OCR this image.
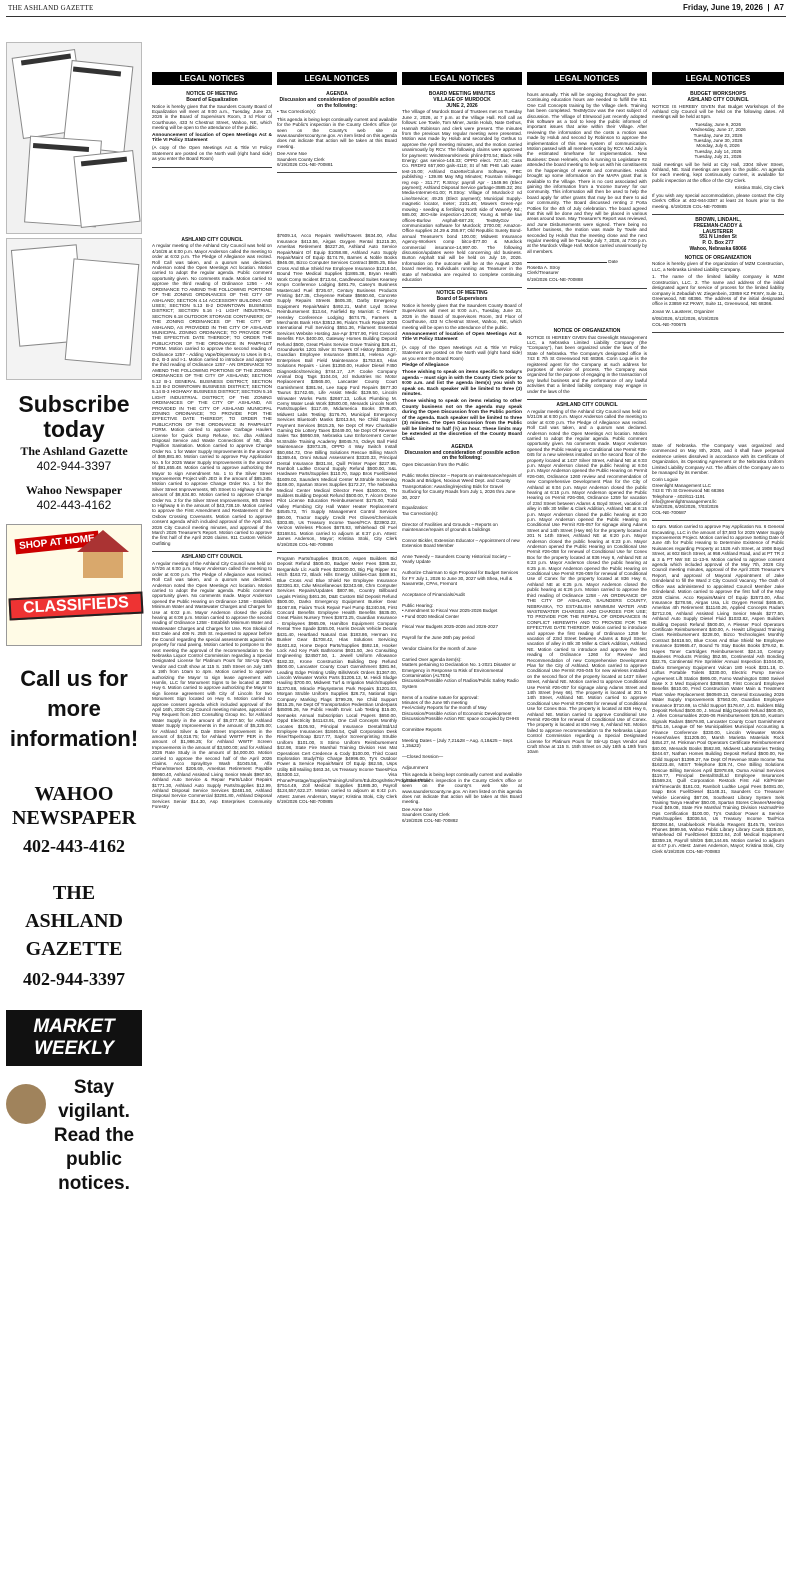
THE ASHLAND GAZETTE	Friday, June 19, 2026  |  A7
Subscribe today
The Ashland Gazette
402-944-3397
Wahoo Newspaper
402-443-4162
SHOP AT HOME
CLASSIFIEDS
Call us for more information!
WAHOO NEWSPAPER
402-443-4162
THE ASHLAND GAZETTE
402-944-3397
MARKET WEEKLY
Stay vigilant. Read the public notices.
LEGAL NOTICES	LEGAL NOTICES	LEGAL NOTICES	LEGAL NOTICES	LEGAL NOTICES
NOTICE OF MEETING
Board of Equalization

Notice is hereby given that the Saunders County Board of Equalization will meet at 9:00 a.m., Tuesday, June 23, 2026 in the Board of Supervisors Room, 3 rd Floor of Courthouse, 433 N Chestnut Street, Wahoo, NE, which meeting will be open to the attendance of the public.

Announcement of location of Open Meetings Act & Title VI Policy Statement

(A copy of the Open Meetings Act & Title VI Policy Statement are posted on the North wall (right hand side) as you enter the Board Room)

ASHLAND CITY COUNCIL

A regular meeting of the Ashland City Council was held on 4/16/26 at 6:00 p.m. Mayor Anderson called the meeting to order at 6:02 p.m. The Pledge of Allegiance was recited. Roll Call was taken, and a quorum was declared. Anderson noted the Open Meetings Act location. Motion carried to adopt the regular agenda. Public comment opportunity given. No comments made. Motion carried to approve the third reading of Ordinance 1256 - AN ORDINANCE TO AMEND THE FOLLOWING PORTIONS OF THE ZONING ORDINANCES OF THE CITY OF ASHLAND; SECTION 4.14 ACCESSORY BUILDING AND USES; SECTION 5.13 B-2 DOWNTOWN BUSINESS DISTRICT; SECTION 5.16 I-1 LIGHT INDUSTRIAL; SECTION 6.18 OUTDOOR STORAGE CONTAINERS; OF THE ZONING ORDINANCES OF THE CITY OF ASHLAND, AS PROVIDED IN THE CITY OF ASHLAND MUNICIPAL ZONING ORDINANCE; TO PROVIDE FOR THE EFFECTIVE DATE THEREOF; TO ORDER THE PUBLICATION OF THE ORDINANCE IN PAMPHLET FORM. Motion carried to approve the second reading of Ordinance 1257 - Adding Vape/Dispensary to Uses in B-1, B-2, B-3 and I-1. Motion carried to introduce and approve the third reading of Ordinance 1257 - AN ORDINANCE TO AMEND THE FOLLOWING PORTIONS OF THE ZONING ORDINANCES OF THE CITY OF ASHLAND; SECTION 5.12 B-1 GENERAL BUSINESS DISTRICT; SECTION 5.13 B-2 DOWNTOWN BUSINESS DISTRICT; SECTION 5.14 B-3 HIGHWAY BUSINESS DISTRICT; SECTION 5.16 LIGHT INDUSTRIAL DISTRICT; OF THE ZONING ORDINANCES OF THE CITY OF ASHLAND, AS PROVIDED IN THE CITY OF ASHLAND MUNICIPAL ZONING ORDINANCE; TO PROVIDE FOR THE EFFECTIVE DATE THEREOF; TO ORDER THE PUBLICATION OF THE ORDINANCE IN PAMPHLET FORM. Motion carried to approve Garbage Haulers License for Quick Dump Refuse, Inc. dba Ashland Disposal Service and Waste Connections of NE, dba Papillion Sanitation. Motion carried to approve Change Order No. 1 for Water Supply Improvements in the amount of $69,881.80. Motion carried to approve Pay Application No. 5 for 2025 Water Supply Improvements in the amount of $91,655.48. Motion carried to approve authorizing the Mayor to sign Amendment No. 1 to the Silver Street Improvements Project with JEO in the amount of $85,345. Motion carried to approve Change Order No. 1 for the Silver Street Improvements, 9th Street to Highway 6 in the amount of $8,634.80. Motion carried to approve Change Order No. 2 for the Silver Street Improvements, 9th Street to Highway 6 in the amount of $43,738.19. Motion carried to approve the First Amendment and Restatement of the Oxbow Crossing Covenants. Motion carried to approve consent agenda which included approval of the April 2nd, 2026 City Council meeting minutes, and approval of the March 2026 Treasurer's Report. Motion carried to approve the first half of the April 2026 claims. 911 Custom Vehicle Outfitting

ASHLAND CITY COUNCIL

A regular meeting of the Ashland City Council was held on 5/7/26 at 6:00 p.m. Mayor Anderson called the meeting to order at 6:00 p.m. The Pledge of Allegiance was recited. Roll Call was taken, and a quorum was declared. Anderson noted the Open Meetings Act location. Motion carried to adopt the regular agenda. Public comment opportunity given. No comments made. Mayor Anderson opened the Public Hearing on Ordinance 1258 - Establish Minimum Water and Wastewater Charges and Charges for Use at 6:02 p.m. Mayor Anderson closed the public hearing at 6:08 p.m. Motion carried to approve the second reading of Ordinance 1258 - Establish Minimum Water and Wastewater Charges and Charges for Use. Ron Skokal of 843 Dale and 409 N. 25th St. requested to appear before the Council regarding the special assessments against his property for road paving. Motion carried to postpone to the next meeting the approval of the recommendation to the Nebraska Liquor Control Commission regarding a Special Designated License for Platinum Pours for Stir-Up Days Vendor and Craft show at 115 S. 15th Street on July 18th & 19th from 10am to 4pm. Motion carried to approve authorizing the Mayor to sign lease agreement with Hamlin, LLC for Monument Signs to be located at 2860 Hwy 6. Motion carried to approve authorizing the Mayor to sign license agreement with City of Lincoln for two Monument Sign located on Hwy 6. Motion carried to approve consent agenda which included approval of the April 16th, 2026 City Council meeting minutes, approval of Pay Request from JEO Consulting Group Inc. for Ashland Water Supply in the amount of $5,077.50; for Ashland Water Supply Improvements in the amount of $5,325.00; for Ashland Silver & Dale Street Improvement in the amount of $4,018.75; for Ashland WWTF PER in the amount of $1,986.25; for Ashland WWTF Screen Improvements in the amount of $3,500.00; and for Ashland 2026 Rate Study in the amount of $4,000.00. Motion carried to approve the second half of the April 2026 Claims. Acco Spray/Eye Wash $1045.58, Alfa Phone/Internet $206.69, Ameritas Retirement Payable $6960.40, Ashland Assisted Living Senior Meals $967.50, Ashland Auto Service & Repair Parts/Labor Repairs $1771.30, Ashland Auto Supply Parts/Supplies $12.99, Ashland Disposal Service Services $2481.50, Ashland Disposal Service Commercial $3281.80, Ashland Disposal Services Senior $14.30, Asp Enterprises Community Forestry

AGENDA
Discussion and consideration of possible action on the following:

• Tax Correction(s):

This agenda is being kept continually current and available for the Public's inspection in the County Clerk's office (or seen on the County's web site at www.saunderscounty.ne.gov. An item listed on this agenda does not indicate that action will be taken at this Board meeting.

Dee Anne Noe
Saunders County Clerk
6/19/2026 COL-NE-700881

$7609.14, Acco Repairs Wells/Towers $634.00, Aflac Insurance $413.56, Airgas Oxygen Rental $1215.30, Ameritas Retirement $6227.26, Ashland Auto Service Repair/Maint Of Equip $1058.88, Ashland Auto Supply Repair/Maint Of Equip $174.76, Barnes & Noble Books $946.08, Bizco Computer Services Contract $805.25, Blue Cross And Blue Shield Ne Employee Insurance $1218.04, Bound Tree Medical Supplies $1865.38, Bryan Health Work Comp Incident $713.64, Candlewood Suites Kearney Kmpn Conference Lodging $491.79, Casey's Business Mastercard Fuel $726.67, Century Business Products Printing $47.35, Cheyenne Rebate $5650.60, Concrete Supply Repairs Streets $605.30, Darby Emergency Equipment Repair/Maint $492.21, Mahrt Loyd Screw Reimbursement $13.64, Fairfield By Marriott C Fries/T Hensley Conference Lodging $674.75, Farmers & Merchants Bank HSA $3512.96, Fiala's Truck Repair 2026 International Full Servicing $551.36, Filament Essential Services Website Hosting Jan-Apr $767.90, First Concord Benefits FSA $400.00, Gateway Homes Building Deposit Refund $500, Great Plains Service Grave Training $26.41, Groundworks 1201 Silver St Towers Of History $5360.37, Guardian Employee Insurance $598.18, Helena Agri-Enterprises Ball Field Maintenance $1753.63, Hlas Solutions Repairs - Lines $1350.00, Husker Diesel F450 Diagnostics/Servicing $744.17, J.P. Cooke Company Animal Dog Tags $104.04, Jcl Industries Inc Motor Replacement $3565.00, Lancaster County Court Garnishment $381.94, Lee Sapp Ford Repairs $677.30 Taurus $1742.65, Life Assist Medic $139.50, Lincoln Winwater Works Parts $2667.13, Lofius Plumbing M. Cerny Water Leak Work $3500.00, Menards Lincoln North Parts/Supplies $117.49, Midamerica Books $789.40, Midwest Labs Testing $176.70, Municipal Emergency Services Bluetooth Masks $2013.94, Ne Child Support Payment Services $615.25, Ne Dept Of Rev Charitable Gaming Div Lottery Taxes $3449.00, Ne Dept Of Revenue Sales Tax $6950.59, Nebraska Law Enforcement Center M.Struble Training Academy $8045.74, Odeys Ball Field Maintenance $3973.25, OPPD 4 Way Switch Install $50,654.72, One Billing Solutions Rescue Billing March $1369.46, Omni Mutual Assessment $3320.33, Principal Dental Insurance $831.84, Quill Printer Paper $227.95, Rambolt Ludtke Ground Supply Refund $500.00, S&L Hardware Parts/Supplies $110.70, Sapp Bros Fuel/Diesel $1609.02, Saunders Medical Center M.Struble Screening $169.00, Spartan Stores Supplies $172.27, The Nebraska Medical Center Medical Director Fees $1500.00, TN Builders Building Deposit Refund $500.00, T. Alcorn Drone Pilot License Education Reimbursement $175.00, Todd Valley Plumbing City Hall Water Heater Replacement $4545.72, Tri Supply Management Control Services $90.00, Tractor Supply Credit Pet Gloves/Chemicals $303.85, Us Treasury Income Taxes/FICA $23902.22, Verizon Wireless Phones $678.93, Whitehead Oil Fuel $3168.51. Motion carried to adjourn at 6:37 p.m. Attest: James Anderson, Mayor; Kristina Stoki, City Clerk 6/19/2026 COL-NE-700886

Program Parts/Supplies $918.00, Aspen Builders Bid Deposit Refund $500.00, Badger Meter Fees $385.32, Bergankdv Llc Audit Fees $22000.00, Big Pig Ripper Inc Hitch $163.72, Black Hills Energy Utilities-Gas $489.91, Blue Cross And Blue Shield Ne Employee Insurance $23361.83, Cdw Miscellaneous $2343.68, Chm Computer Services Repairs/Updates $807.96, Country Billboard Legals Printing $461.36, D&E Custom Bid Deposit Refund $500.00, Darko Emergency Equipment Bunker Gear $1067.88, Fiala's Truck Repair Fuel Pump $1240.56, First Concord Benefits Employee Health Benefits $635.00, Great Plains Nursery Trees $2673.25, Guardian Insurance - Employees $965.09, Hamilton Equipment Company Rental Tree Spade $265.00, Harris Decals Vehicle Decals $431.40, Heartland Natural Gas $183.86, Herman Inc Bunker Gear $1708.42, Hlas Solutions Servicing $1601.82, Home Depot Parts/Supplies $592.18, Hooker Lock And Key Park Bathrooms $931.50, Jeo Consulting Engineering $24507.50, 1. Jewell Uniform Allowance $182.33, Krone Construction Building Dep Refund $500.00, Lancaster County Court Garnishment $381.94, Leading Edge Printing Utility Bills/Work Orders $1367.00, Lincoln Winwater Works Parts $1206.13, M. Heidi Sludge Hauling $700.00, Midwest Turf & Irrigation Mulch/Supplies $1370.88, Miracle Playsystems Park Repairs $1201.03, Morgan Struble Uniform Supplies $26.73, National Sign Company Marking Flags $799.29, Ne Child Support $615.25, Ne Dept Of Transportation Pedestrian Underpass $45095.26, Ne Public Health Envir. Lab Testing $15.00, Nemaeks Annual Subscription Local Papers $650.00, Oppd Electricity $41143.91, One Call Concepts Monthly Locates $105.93, Principal Insurance Dental/Std/Ltd Employee Insurances $1846.54, Quill Corporation Desk Riser/Tape/Soap $217.77, Saylor Screenprinting Struble Uniform $101.00, S Stimo Uniform Reimbursement $42.98, State Fire Marshal Training Division Has Mat Operations Cert Credence & Cody $100.00, Third Coast Exploration Study/Trip Charge $4996.00, Ty's Outdoor Power & Service Repair/Maint Of Equip $62.55, Usps Utility Bill Mailing $463.34, Us Treasury Income Taxes/Fica $15300.12, Visa Phone/Postage/Supplies/Training/Uniform/Edu/Dogs/Misc/Prog/Books/Fuel $7514.49, Zoll Medical Supplies $1985.30, Payroll $124,557,622.27. Motion carried to adjourn at 6:42 p.m. Attest: James Anderson, Mayor; Kristina Stoki, City Clerk 6/19/2026 COL-NE-700885

BOARD MEETING MINUTES
VILLAGE OF MURDOCK
JUNE 2, 2026

The Village of Murdock Board of Trustees met on Tuesday June 2, 2026, at 7 p.m. at the Village Hall. Roll call as follows: Lee Towle, Tom Miner, Justin Holub, Nate Gethus, Hannah Robinson and clerk were present. The minutes from the previous May regular meeting were presented. Motion was made by Holub and seconded by Gethus to approve the April meeting minutes, and the motion carried unanimously by RCV. The following claims were approved for payment: Windstream/Kinetic ph/int-$70.54; Black Hills Energy: gas service-148.33; OPPD elect. 727.44; Cass Co. RRD#2 657,900 gals-4110; St of NE PHE Lab water test-15.00; Ashland Gazette/Column Software, PBC publishing - 139.86 May Mtg Minutes; Fountain mileage/ reg exp - 311.77; R.Stroy: payroll Apr - 1549.96 (Elect payment); Ashland Disposal Service garbage-3585.32; 26c Media-Internet-61.00; R.Stroy: Village of Murdock-2 nd Line/Service; 49.25 (Elect payment); Municipal Supply-magnetic locator, meter; 2101.46; Mowers Green-Apr mowing - seeding & fertilizing North side of Waverly Rd.; 585.00; JEO-site inspection-120.00; Young & White law offices-Burlow Asphalt-687.25; TextMyGov - communication software for Murdock; 3700.00; Amazon-Office supplies 24.29 & 255.97; Old Republic Surety Bond-annual Treasurer's bond 100.00; Midwest Insurance Agency-Workers comp bitco-$77.00 & Murdock commercial insurance-14,997.00. The following discussion/updates were held concerning old business. Burton Asphalt trail will be held on July 19, 2026. Information on the outcome will be at the August 2026 board meeting. Individuals running as Treasurer in the state of Nebraska are required to complete continuing education

NOTICE OF MEETING
Board of Supervisors

Notice is hereby given that the Saunders County Board of Supervisors will meet at 9:00 a.m., Tuesday, June 23, 2026 in the Board of Supervisors Room, 3rd Floor of Courthouse, 433 N Chestnut Street, Wahoo, NE, which meeting will be open to the attendance of the public.

Announcement of location of Open Meetings Act & Title VI Policy Statement

(A copy of the Open Meetings Act & Title VI Policy Statement are posted on the North wall (right hand side) as you enter the Board Room)

Pledge of Allegiance

Those wishing to speak on items specific to today's agenda – must sign in with the County Clerk prior to 9:00 a.m. and list the agenda item(s) you wish to speak on. Each speaker will be limited to three (3) minutes.

Those wishing to speak on items relating to other County business not on the agenda may speak during the Open Discussion from the Public portion of the agenda. Each speaker will be limited to three (3) minutes. The Open Discussion from the Public will be limited to half (½) an hour. These limits may be extended at the discretion of the County Board Chair.

AGENDA
Discussion and consideration of possible action on the following:

Open Discussion from the Public

Public Works Director – Reports on maintenance/repairs of Roads and Bridges, Noxious Weed Dept. and County Transportation: Awarding/rejecting Bids for Gravel Surfacing for County Roads from July 1, 2026 thru June 30, 2027

Equalization:
Tax Correction(s):

Director of Facilities and Grounds – Reports on maintenance/repairs of grounds & buildings

Connor Bickler, Extension Educator – Appointment of new Extension Board Member

Anne Tweedy – Saunders County Historical Society – Yearly Update

Authorize Chairman to sign Proposal for Budget Services for FY July 1, 2026 to June 30, 2027 with Shea, Hull & Navarrette, CPAs, Fremont

Acceptance of Financials/Audit

Public Hearing:
• Amendment to Fiscal Year 2025-2026 Budget
• Fund 0020 Medical Center

Fiscal Year Budgets 2025-2026 and 2026-2027

Payroll for the June 26th pay period

Vendor Claims for the month of June

Carried Over agenda item(s):
Matters pertaining to Declaration No. 1-2021 Disaster or Emergency in Response to Risk of Environmental Contamination (ALTEN)
Discussion/Possible Action of Radios/Public Safety Radio System

Items of a routine nature for approval:
Minutes of the June 9th meeting
Fee/Activity Reports for the month of May
Discussion/Possible Action of Economic Development
Discussion/Possible Action RE: space occupied by DHHS

Committee Reports

Meeting Dates – (July 7,21&28 – Aug. 4,18&25 – Sept. 1,15&22)

—Closed Session—

Adjournment

This agenda is being kept continually current and available for the Public's inspection in the County Clerk's office or seen on the county's web site at www.saunderscounty.ne.gov. An item listed on this agenda does not indicate that action will be taken at this Board meeting.

Dee Anne Noe
Saunders County Clerk
6/19/2026 COL-NE-700882

hours annually. This will be ongoing throughout the year. Continuing education hours are needed to fulfill the 911 One Call Concepts training by the Village clerk. Training has been completed. TextMyGov was the next subject of discussion. The Village of Elmwood just recently adopted this software as a tool to keep the public informed of important issues that arise within their Village. After reviewing the information and the costs a motion was made by Holub and second by Robinson to approve the implementation of this new system of communication. Motion passed with all members voting by RCV. Mid July is the estimated timeframe for implementation. New Business: Dean Helmels, who is running to Legislature #2 attended the board meeting to help us with his constituents on the happenings of events and communities. Holub brought up some information on the MAPA grant that is available to the Village. There is no cost associated with gaining the information from a 'Income Survey' for our community. This information will then be used to help the board apply for other grants that may be out there to aid our community. The Board discussed renting 2 Porta Potties for the 4th of July celebration. The board agreed that this will be done and they will be placed in various areas around town. May Treasurer's Report was reviewed, and June Disbursements were signed. There being no further business, the motion was made by Towle and seconded by Holub that the meeting close and the next regular meeting will be Tuesday July 7, 2026, at 7:00 p.m. at the Murdock Village Hall. Motion carried unanimously by all members.

Date

Rosetta A. Stroy
Clerk/Treasurer

6/19/2026 COL-NE-700888

NOTICE OF ORGANIZATION

NOTICE IS HEREBY GIVEN that Greenlight Management LLC, a Nebraska Limited Liability Company (the "Company"), has been organized under the laws of the State of Nebraska. The Company's designated office is 743 E 7th St Greenwood NE 68366. Corin Loguie is the registered agent for the Company at such address for purposes of service of process. The Company was organized for the purpose of engaging in the transaction of any lawful business and the performance of any lawful activities that a limited liability company may engage in under the laws of the

ASHLAND CITY COUNCIL

A regular meeting of the Ashland City Council was held on 5/21/26 at 6:00 p.m. Mayor Anderson called the meeting to order at 6:00 p.m. The Pledge of Allegiance was recited. Roll Call was taken, and a quorum was declared. Anderson noted the Open Meetings Act location. Motion carried to adopt the regular agenda. Public comment opportunity given. No comments made. Mayor Anderson opened the Public Hearing on Conditional Use Permit #26-045 for a new wireless installed on the second floor of the property located at 1437 Silver Street, Ashland NE at 6:03 p.m. Mayor Anderson closed the public hearing at 6:04 p.m. Mayor Anderson opened the Public Hearing on Permit #26-046, Ordinance 1260 review and recommendation of new Comprehensive Development Plan for the City of Ashland at 6:04 p.m. Mayor Anderson closed the public hearing at 6:15 p.m. Mayor Anderson opened the Public Hearing on Permit #26-056, Ordinance 1259 for vacation of 23rd Street between Adams & Boyd Street, vacation of alley in Blk 30 Miller & Clark Addition, Ashland NE at 6:15 p.m. Mayor Anderson closed the public hearing at 6:20 p.m. Mayor Anderson opened the Public Hearing on Conditional Use Permit #26-057 for signage along Adams Street and 14th Street (Hwy 66) for the property located at 201 N 14th Street, Ashland NE at 6:20 p.m. Mayor Anderson closed the public hearing at 6:23 p.m. Mayor Anderson opened the Public Hearing on Conditional Use Permit #26-058 for renewal of Conditional Use for Conex Box for the property located at 836 Hwy 6, Ashland NE at 6:23 p.m. Mayor Anderson closed the public hearing at 6:25 p.m. Mayor Anderson opened the Public Hearing on Conditional Use Permit #26-059 for renewal of Conditional Use of Conex for the property located at 836 Hwy 6, Ashland NE at 6:25 p.m. Mayor Anderson closed the public hearing at 6:26 p.m. Motion carried to approve the third reading of Ordinance 1258 - AN ORDINANCE OF THE CITY OF ASHLAND, SAUNDERS COUNTY, NEBRASKA, TO ESTABLISH MINIMUM WATER AND WASTEWATER CHARGES AND CHARGES FOR USE; TO PROVIDE FOR THE REPEAL OF ORDINANCES IN CONFLICT HEREWITH AND TO PROVIDE FOR THE EFFECTIVE DATE THEREOF. Motion carried to introduce and approve the first reading of Ordinance 1259 for vacation of 23rd Street between Adams & Boyd Street, vacation of alley in Blk 30 Miller & Clark Addition, Ashland NE. Motion carried to introduce and approve the first reading of Ordinance 1260 for Review and Recommendation of new Comprehensive Development Plan for the City of Ashland. Motion carried to approve Conditional Use Permit #26-045 for new wireless installed on the second floor of the property located at 1437 Silver Street, Ashland NE. Motion carried to approve Conditional Use Permit #26-057 for signage along Adams Street and 14th Street (Hwy 66). The property is located at 201 N 14th Street, Ashland NE. Motion carried to approve Conditional Use Permit #26-058 for renewal of Conditional Use for Conex Box. The property is located at 836 Hwy 6, Ashland NE. Motion carried to approve Conditional Use Permit #26-059 for renewal of Conditional Use of Conex. The property is located at 836 Hwy 6, Ashland NE. Motion failed to approve recommendation to the Nebraska Liquor Control Commission regarding a Special Designated License for Platinum Pours for Stir-Up Days Vendor and Craft Show at 115 S. 15th Street on July 18th & 19th from 10am

BUDGET WORKSHOPS
ASHLAND CITY COUNCIL

NOTICE IS HEREBY GIVEN that Budget Workshops of the Ashland City Council will be held on the following dates. All meetings will be held at 5pm.

Tuesday, June 9, 2026
Wednesday, June 17, 2026
Tuesday, June 23, 2026
Tuesday, June 30, 2026
Monday, July 6, 2026
Tuesday, July 14, 2026
Tuesday, July 21, 2026

Said meetings will be held at City Hall, 2304 Silver Street, Ashland, NE. Said meetings are open to the public. An agenda for each meeting, kept continuously current, is available for public inspection at the office of the City Clerk.

Kristina Stoki, City Clerk

If you wish any special accommodation, please contact the City Clerk's Office at 402-944-3387 at least 24 hours prior to the meeting. 6/19/2026 COL-NE-700885

BROWN, LINDAHL,
FREEMAN-CADDY &
LAUSTERER
551 N Linden St
P. O. Box 277
Wahoo, Nebraska 68066
NOTICE OF ORGANIZATION

Notice is hereby given of the organization of MZM Construction, LLC, a Nebraska Limited Liability Company.

1. The name of the limited liability company is MZM Construction, LLC. 2. The name and address of the initial designated agent for service of process for the limited liability company is Zebadiah W. Ziegenbein, 23859 KZ PKWY, Suite 11, Greenwood, NE 68366. The address of the initial designated office is 23859 KZ PKWY, Suite 11, Greenwood, NE 68366.

Jovan W. Lausterer, Organizer

6/05/2026, 6/12/2026, 6/19/2026
COL-NE-700675

State of Nebraska. The Company was organized and commenced on May 8th, 2026, and it shall have perpetual existence unless dissolved in accordance with its Certificate of Organization, its Operating Agreement or the Nebraska Uniform Limited Liability Company Act. The affairs of the Company are to be managed by its member.

Corin Loguie
Greenlight Management LLC
743 E 7th St Greenwood NE 68366
Telephone - 402/611-1191
info@greenlightmanagement.llc
6/19/2026, 6/26/2026, 7/03/2026
COL-NE-700687

to 4pm. Motion carried to approve Pay Application No. 6 General Excavating, LLC in the amount of $7,583 for 2025 Water Supply Improvements Project. Motion carried to approve Setting Date of June 4th for Public Hearing to Determine Existence of Public Nuisances regarding Property at 1526 Ash Street, at 1908 Boyd Street, at 602 Birch Street, at 958 Ashland Road, and at PT TR 2 & 3 & PT NW SE 11-13-9. Motion carried to approve consent agenda which included approval of the May 7th, 2026 City Council meeting minutes, approval of the April 2026 Treasurer's Report, and approval of Mayoral Appointment of Jake Grindeland to fill the Ward 2 City Council Vacancy. The Oath of Office was administered to appointed Council Member Jake Grindeland. Motion carried to approve the first half of the May 2026 Claims. Acco Repairs/Maint Of Equip $2573.00, Aflac Insurance $278.56, Airgas Usa, Llc Oxygen Rental $465.60, Ameritas 4th Retirement $11140.26, Applied Concepts Radars $2712.06, Ashland Assisted Living Senior Meals $277.50, Ashland Auto Supply Diesel Fluid $1033.82, Aspen Builders Building Deposit Refund $500.00, A Plesser Pool Operators Certificate Reimbursement $40.00, A. Hewitt Lifeguard Training Class Reimbursement $228.00, Bizco Technologies Monthly Contract $4618.50, Blue Cross And Blue Shield Ne Employee Insurance $19665.47, Bound To Stay Books Books $79.62, B. Hayes Toner Cartridges Reimbursement $24.10, Century Business Products Printing $52.55, Continental Ash Bonding $32.75, Continental Fire Sprinkler Annual Inspection $1044.00, Darko Emergency Equipment Vulcan 180 Hook $331.18, D. Loftus Portable Toilets $330.00, Electric Pump Service Agreement Lift Station $995.00, Farno Washington 0380 Swivel Base X 3 Med Equipment $3868.80, First Concord Employee Benefits $610.00, Fred Construction Water Main & Treatment Plant Valve Replacement $60949.13, General Excavating 2025 Water Supply Improvements $7563.00, Guardian Employee Insurance $710.69, Ia Child Support $176.67, J.G. Builders Bldg Deposit Refund $500.00, J. Mcaul Bldg Deposit Refund $500.00, J. Allen Consumables 2026-06 Reimbursement $26.50, Kustom Signals Radars $5679.80, Lancaster County Court Garnishment $751.16, League Of Ne Municipalities Municipal Accounting & Finance Conference $330.00, Lincoln Winwater Works Hoses/Valves $11205.00, Marsh Marietta Materials Rock $454.27, M. Pinkman Pool Operators Certificate Reimbursement $40.00, Menards Books $562.80, Midwest Laboratories Testing $244.67, Nathan Homes Building Deposit Refund $500.00, Ne Child Support $1399.27, Ne Dept Of Revenue State Income Tax $16223.48, NEST Telephone $28.74, One Billing Solutions Rescue Billing Services April $2978.69, Ouma Animal Services $119.77, Principal Dental/Std/Ltd Employee Insurances $1569.24, Quill Corporation Restock First Aid Kit/Printer Ink/Timecards $181.03, Rambolt Ludtke Legal Fees $4081.00, Sapp Bros Fuel/Diesel $1148.31, Saunders Co Treasurer Vehicle Licensing $67.06, Southeast Library System Sels Training Tanya Heather $50.00, Spartan Stores Cleaner/Meeting Food $49.08, State Fire Marshal Training Division Hazmat/Fire Ops Certification $100.00, Ty's Outdoor Power & Service Parts/Supplies $3036.54, Us Treasury Income Tax/Fica $20384.84, Usabluebook Flourida Reagent $145.75, Verizon Phones $699.56, Wahoo Public Library Library Cards $325.00, Whitehead Oil Fuel/Diesel $3322.84, Zoll Medical Equipment $3359.19, Payroll 5/8/26 $48,144.65. Motion carried to adjourn at 6:47 p.m. Attest: James Anderson, Mayor; Kristina Stoki, City Clerk 6/19/2026 COL-NE-700883
